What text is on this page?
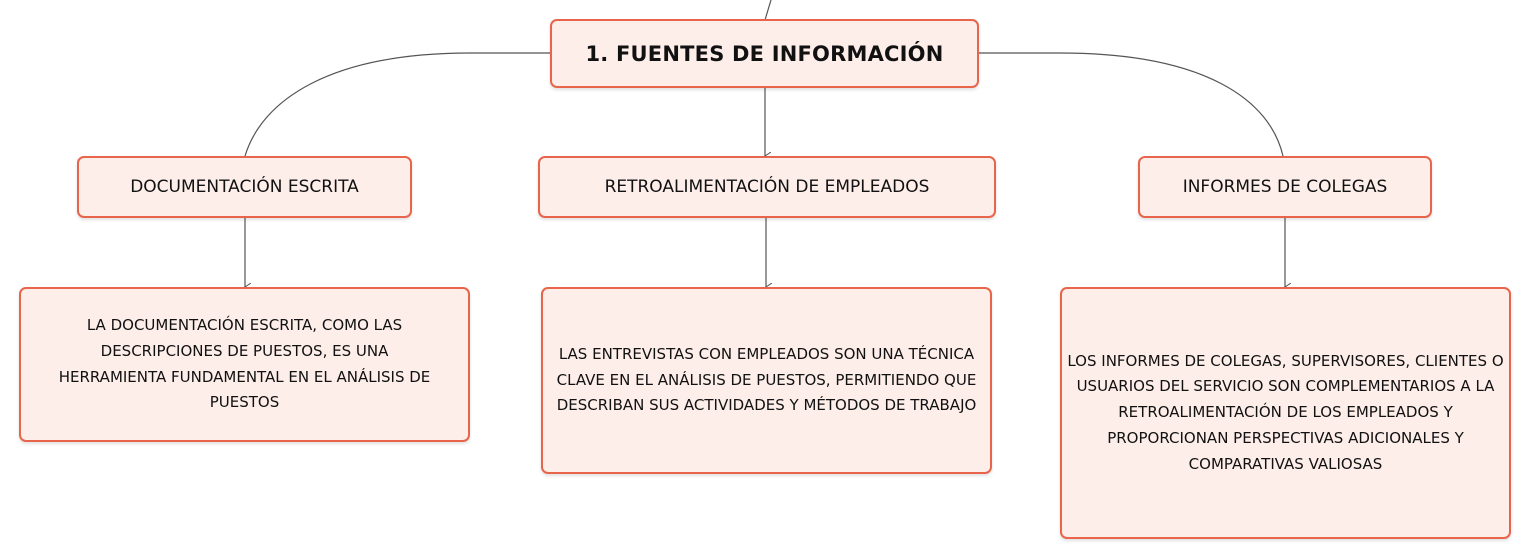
1. FUENTES DE INFORMACIÓN
DOCUMENTACIÓN ESCRITA	RETROALIMENTACIÓN DE EMPLEADOS	INFORMES DE COLEGAS
LA DOCUMENTACIÓN ESCRITA, COMO LAS DESCRIPCIONES DE PUESTOS, ES UNA HERRAMIENTA FUNDAMENTAL EN EL ANÁLISIS DE PUESTOS
LAS ENTREVISTAS CON EMPLEADOS SON UNA TÉCNICA CLAVE EN EL ANÁLISIS DE PUESTOS, PERMITIENDO QUE DESCRIBAN SUS ACTIVIDADES Y MÉTODOS DE TRABAJO
LOS INFORMES DE COLEGAS, SUPERVISORES, CLIENTES O USUARIOS DEL SERVICIO SON COMPLEMENTARIOS A LA RETROALIMENTACIÓN DE LOS EMPLEADOS Y PROPORCIONAN PERSPECTIVAS ADICIONALES Y COMPARATIVAS VALIOSAS
